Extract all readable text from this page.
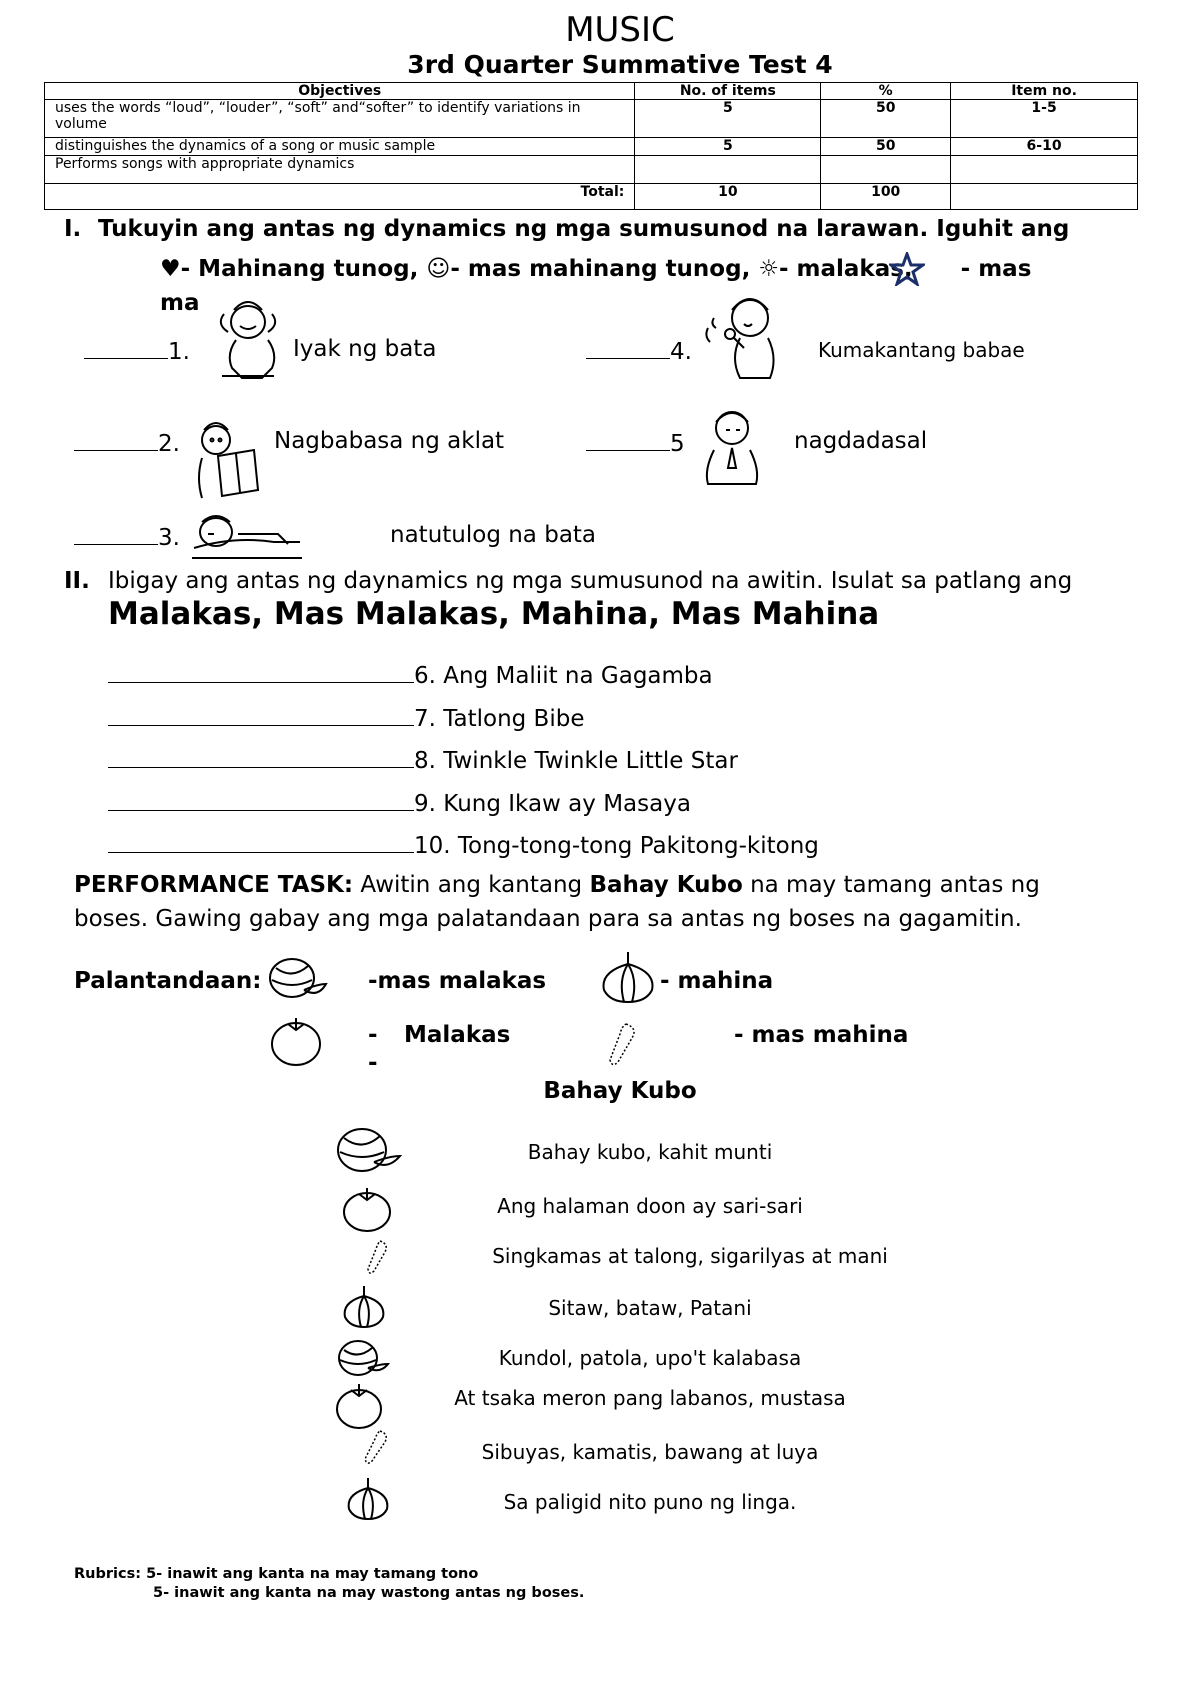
MUSIC
3rd Quarter Summative Test 4
Objectives	No. of items	%	Item no.
uses the words “loud”, “louder”, “soft” and“softer” to identify variations in volume	5	50	1-5
distinguishes the dynamics of a song or music sample	5	50	6-10
Performs songs with appropriate dynamics			
Total:	10	100	
I. Tukuyin ang antas ng dynamics ng mga sumusunod na larawan. Iguhit ang
♥- Mahinang tunog, ☺- mas mahinang tunog, ☼- malakas, - mas
ma
1.	Iyak ng bata
2.	Nagbabasa ng aklat
3.	natutulog na bata
4.	Kumakantang babae
5	nagdadasal
II. Ibigay ang antas ng daynamics ng mga sumusunod na awitin. Isulat sa patlang ang
Malakas, Mas Malakas, Mahina, Mas Mahina
6. Ang Maliit na Gagamba
7. Tatlong Bibe
8. Twinkle Twinkle Little Star
9. Kung Ikaw ay Masaya
10. Tong-tong-tong Pakitong-kitong
PERFORMANCE TASK: Awitin ang kantang Bahay Kubo na may tamang antas ng
boses. Gawing gabay ang mga palatandaan para sa antas ng boses na gagamitin.
Palantandaan:	-mas malakas	- mahina
- Malakas
-
- mas mahina
Bahay Kubo
Bahay kubo, kahit munti
Ang halaman doon ay sari-sari
Singkamas at talong, sigarilyas at mani
Sitaw, bataw, Patani
Kundol, patola, upo't kalabasa
At tsaka meron pang labanos, mustasa
Sibuyas, kamatis, bawang at luya
Sa paligid nito puno ng linga.
Rubrics: 5- inawit ang kanta na may tamang tono
5- inawit ang kanta na may wastong antas ng boses.
